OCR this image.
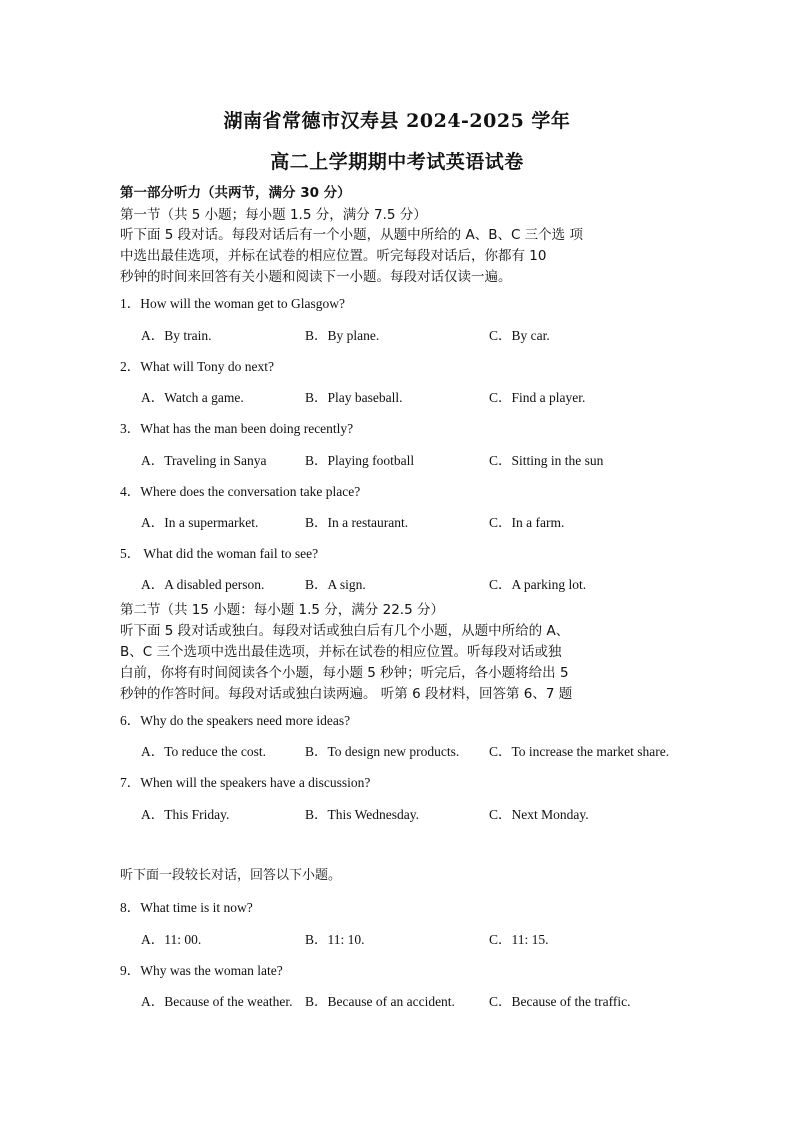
湖南省常德市汉寿县 2024-2025 学年
高二上学期期中考试英语试卷
第一部分听力（共两节，满分 30 分）
第一节（共 5 小题；每小题 1.5 分，满分 7.5 分）
听下面 5 段对话。每段对话后有一个小题，从题中所给的 A、B、C 三个选 项
中选出最佳选项，并标在试卷的相应位置。听完每段对话后，你都有 10
秒钟的时间来回答有关小题和阅读下一小题。每段对话仅读一遍。
1．How will the woman get to Glasgow?
A．By train.	B．By plane.	C．By car.
2．What will Tony do next?
A．Watch a game.	B．Play baseball.	C．Find a player.
3．What has the man been doing recently?
A．Traveling in Sanya	B．Playing football	C．Sitting in the sun
4．Where does the conversation take place?
A．In a supermarket.	B．In a restaurant.	C．In a farm.
5． What did the woman fail to see?
A．A disabled person.	B．A sign.	C．A parking lot.
第二节（共 15 小题：每小题 1.5 分，满分 22.5 分）
听下面 5 段对话或独白。每段对话或独白后有几个小题，从题中所给的 A、
B、C 三个选项中选出最佳选项，并标在试卷的相应位置。听每段对话或独
白前，你将有时间阅读各个小题，每小题 5 秒钟；听完后，各小题将给出 5
秒钟的作答时间。每段对话或独白读两遍。 听第 6 段材料，回答第 6、7 题
6．Why do the speakers need more ideas?
A．To reduce the cost.	B．To design new products. C．To increase the market share.
7．When will the speakers have a discussion?
A．This Friday.	B．This Wednesday.	C．Next Monday.
听下面一段较长对话，回答以下小题。
8．What time is it now?
A．11: 00.	B．11: 10.	C．11: 15.
9．Why was the woman late?
A．Because of the weather. B．Because of an accident.	C．Because of the traffic.
